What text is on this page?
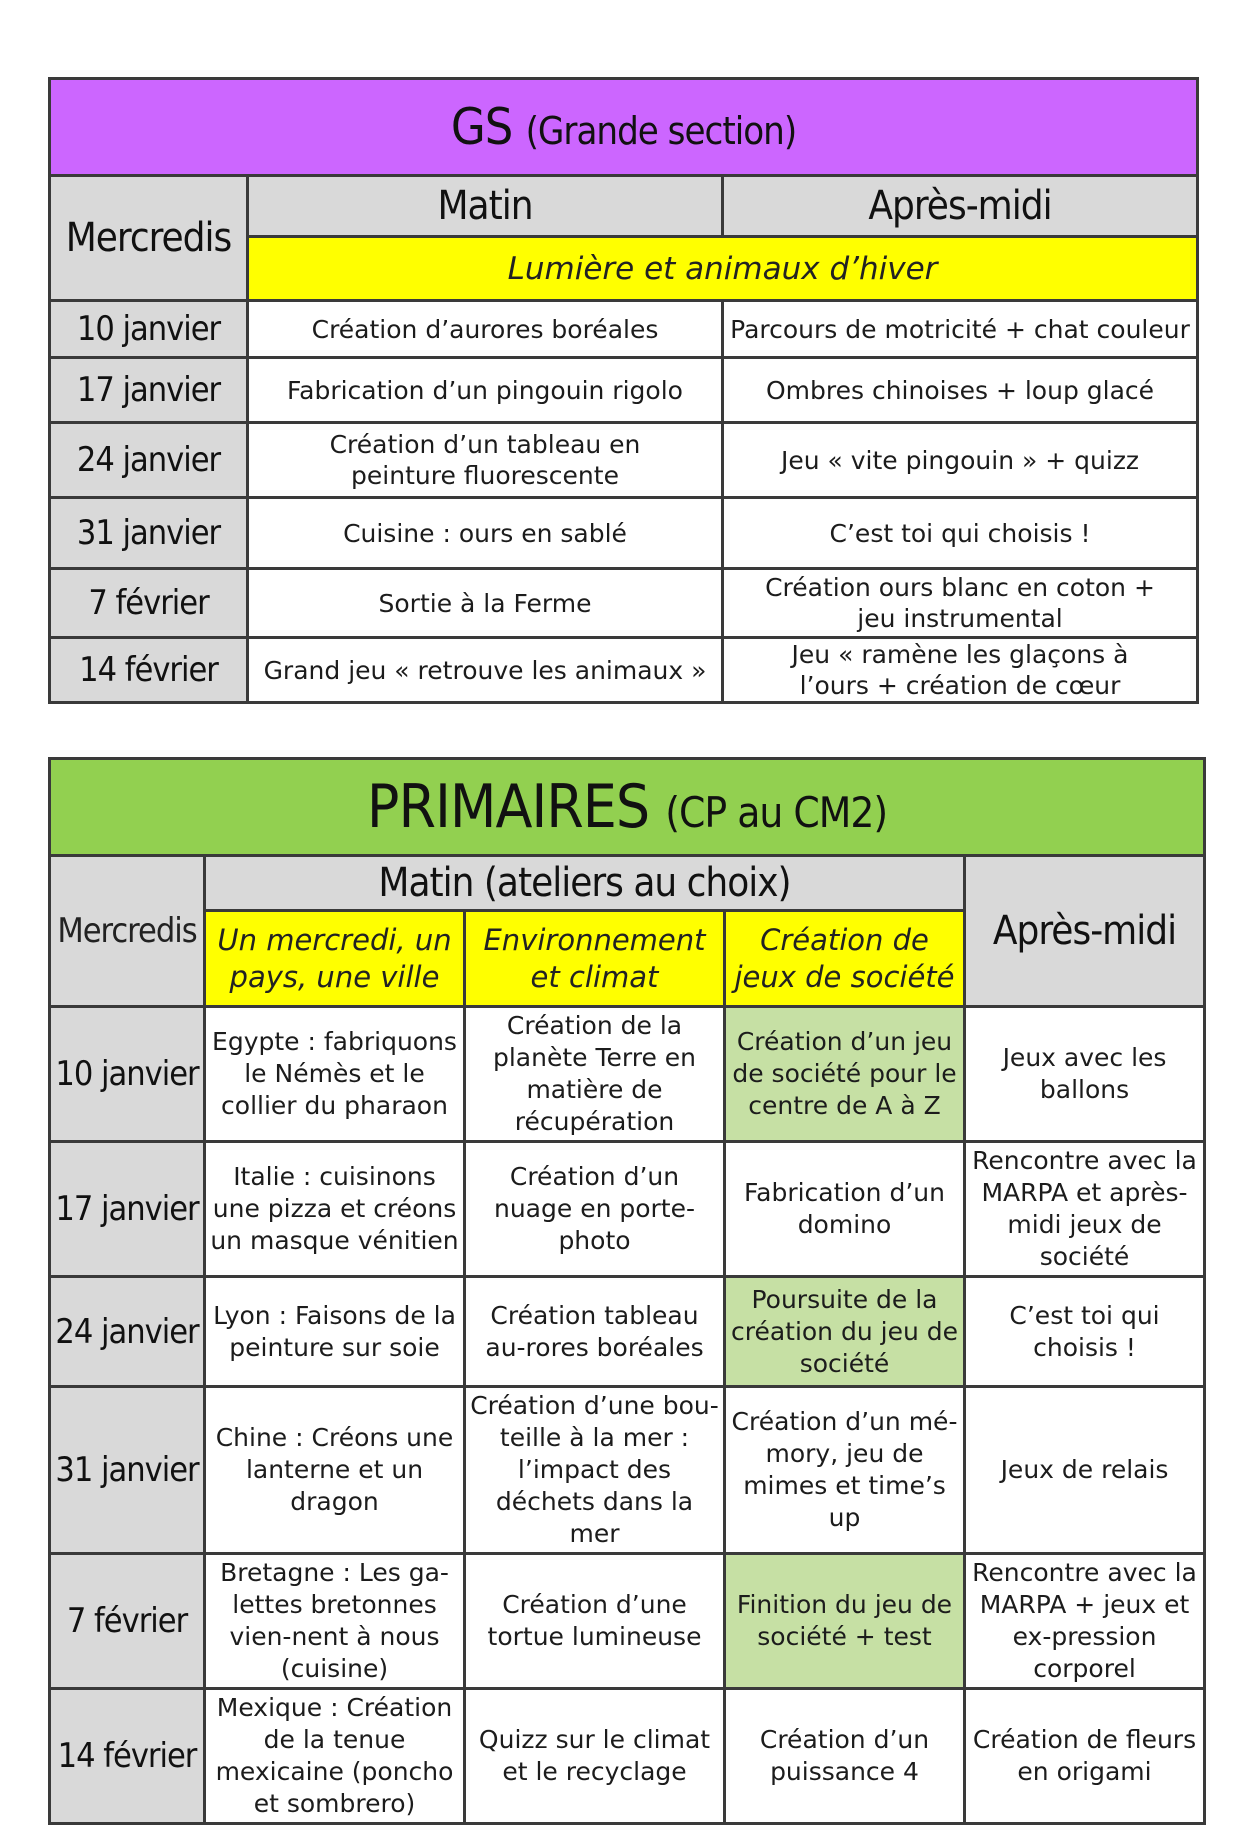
GS (Grande section)		
Mercredis	Matin	Après-midi
	Lumière et animaux d’hiver	
10 janvier	Création d’aurores boréales	Parcours de motricité + chat couleur
17 janvier	Fabrication d’un pingouin rigolo	Ombres chinoises + loup glacé
24 janvier	Création d’un tableau en peinture fluorescente	Jeu « vite pingouin » + quizz
31 janvier	Cuisine : ours en sablé	C’est toi qui choisis !
7 février	Sortie à la Ferme	Création ours blanc en coton + jeu instrumental
14 février	Grand jeu « retrouve les animaux »	Jeu « ramène les glaçons à l’ours + création de cœur
PRIMAIRES (CP au CM2)				
Mercredis	Matin (ateliers au choix)			Après-midi
	Un mercredi, un pays, une ville	Environnement et climat	Création de jeux de société	
10 janvier	Egypte : fabriquons le Némès et le collier du pharaon	Création de la planète Terre en matière de récupération	Création d’un jeu de société pour le centre de A à Z	Jeux avec les ballons
17 janvier	Italie : cuisinons une pizza et créons un masque vénitien	Création d’un nuage en porte-photo	Fabrication d’un domino	Rencontre avec la MARPA et après-midi jeux de société
24 janvier	Lyon : Faisons de la peinture sur soie	Création tableau au-rores boréales	Poursuite de la création du jeu de société	C’est toi qui choisis !
31 janvier	Chine : Créons une lanterne et un dragon	Création d’une bou-teille à la mer : l’impact des déchets dans la mer	Création d’un mé-mory, jeu de mimes et time’s up	Jeux de relais
7 février	Bretagne : Les ga-lettes bretonnes vien-nent à nous (cuisine)	Création d’une tortue lumineuse	Finition du jeu de société + test	Rencontre avec la MARPA + jeux et ex-pression corporel
14 février	Mexique : Création de la tenue mexicaine (poncho et sombrero)	Quizz sur le climat et le recyclage	Création d’un puissance 4	Création de fleurs en origami
